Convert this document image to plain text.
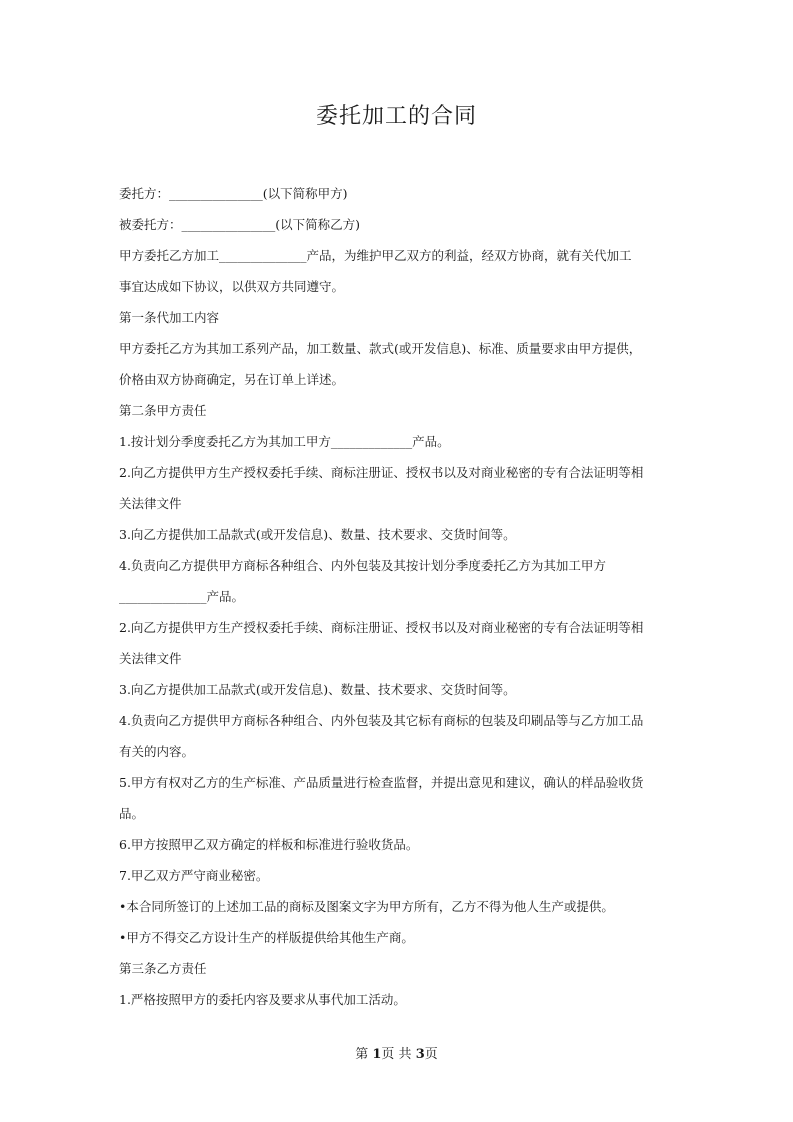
委托加工的合同
委托方：_______________(以下简称甲方)
被委托方：_______________(以下简称乙方)
甲方委托乙方加工______________产品，为维护甲乙双方的利益，经双方协商，就有关代加工
事宜达成如下协议，以供双方共同遵守。
第一条代加工内容
甲方委托乙方为其加工系列产品，加工数量、款式(或开发信息)、标准、质量要求由甲方提供，
价格由双方协商确定，另在订单上详述。
第二条甲方责任
1.按计划分季度委托乙方为其加工甲方_____________产品。
2.向乙方提供甲方生产授权委托手续、商标注册证、授权书以及对商业秘密的专有合法证明等相
关法律文件
3.向乙方提供加工品款式(或开发信息)、数量、技术要求、交货时间等。
4.负责向乙方提供甲方商标各种组合、内外包装及其按计划分季度委托乙方为其加工甲方
______________产品。
2.向乙方提供甲方生产授权委托手续、商标注册证、授权书以及对商业秘密的专有合法证明等相
关法律文件
3.向乙方提供加工品款式(或开发信息)、数量、技术要求、交货时间等。
4.负责向乙方提供甲方商标各种组合、内外包装及其它标有商标的包装及印刷品等与乙方加工品
有关的内容。
5.甲方有权对乙方的生产标准、产品质量进行检查监督，并提出意见和建议，确认的样品验收货
品。
6.甲方按照甲乙双方确定的样板和标准进行验收货品。
7.甲乙双方严守商业秘密。
•本合同所签订的上述加工品的商标及图案文字为甲方所有，乙方不得为他人生产或提供。
•甲方不得交乙方设计生产的样版提供给其他生产商。
第三条乙方责任
1.严格按照甲方的委托内容及要求从事代加工活动。
第 1页 共 3页
